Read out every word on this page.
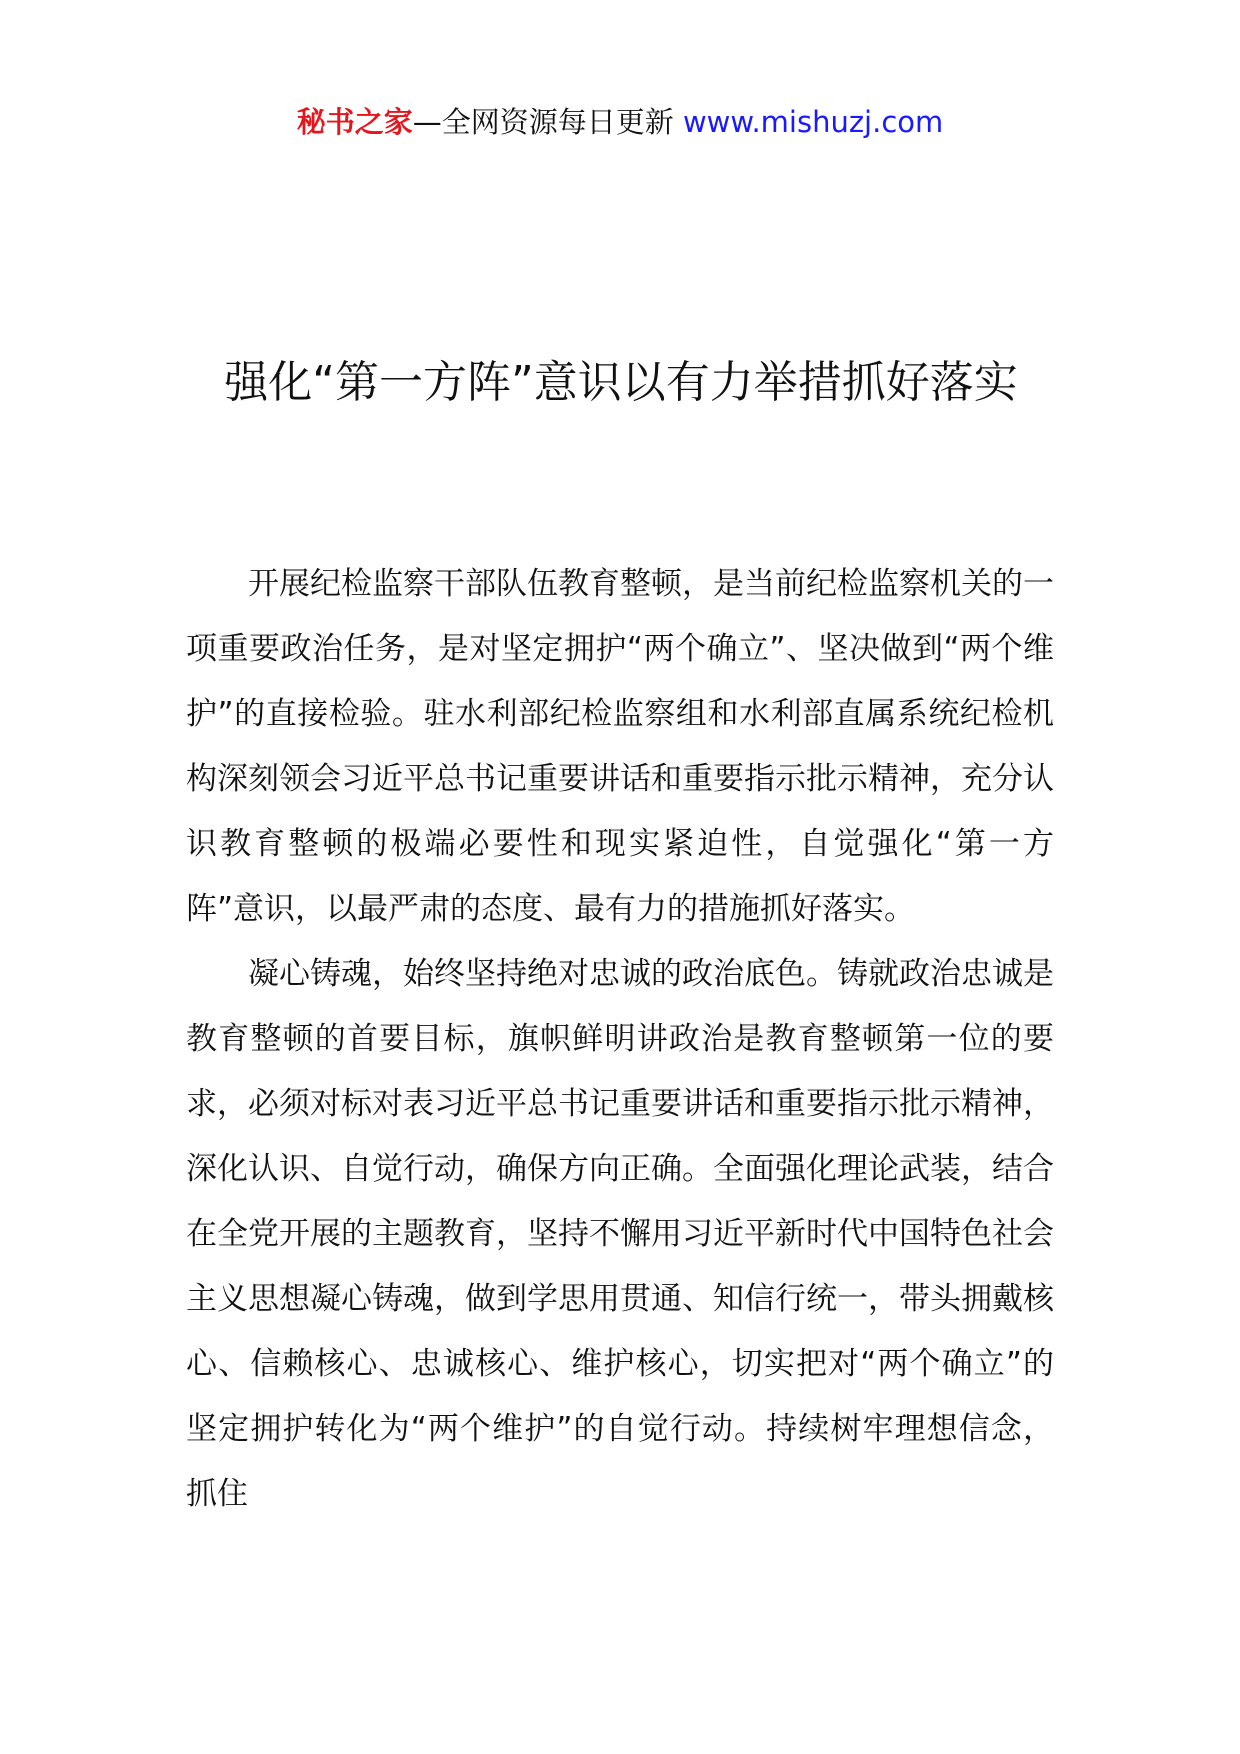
秘书之家—全网资源每日更新 www.mishuzj.com
强化“第一方阵”意识以有力举措抓好落实

开展纪检监察干部队伍教育整顿，是当前纪检监察机关的一项重要政治任务，是对坚定拥护“两个确立”、坚决做到“两个维护”的直接检验。驻水利部纪检监察组和水利部直属系统纪检机构深刻领会习近平总书记重要讲话和重要指示批示精神，充分认识教育整顿的极端必要性和现实紧迫性，自觉强化“第一方阵”意识，以最严肃的态度、最有力的措施抓好落实。

凝心铸魂，始终坚持绝对忠诚的政治底色。铸就政治忠诚是教育整顿的首要目标，旗帜鲜明讲政治是教育整顿第一位的要求，必须对标对表习近平总书记重要讲话和重要指示批示精神，深化认识、自觉行动，确保方向正确。全面强化理论武装，结合在全党开展的主题教育，坚持不懈用习近平新时代中国特色社会主义思想凝心铸魂，做到学思用贯通、知信行统一，带头拥戴核心、信赖核心、忠诚核心、维护核心，切实把对“两个确立”的坚定拥护转化为“两个维护”的自觉行动。持续树牢理想信念，抓住
